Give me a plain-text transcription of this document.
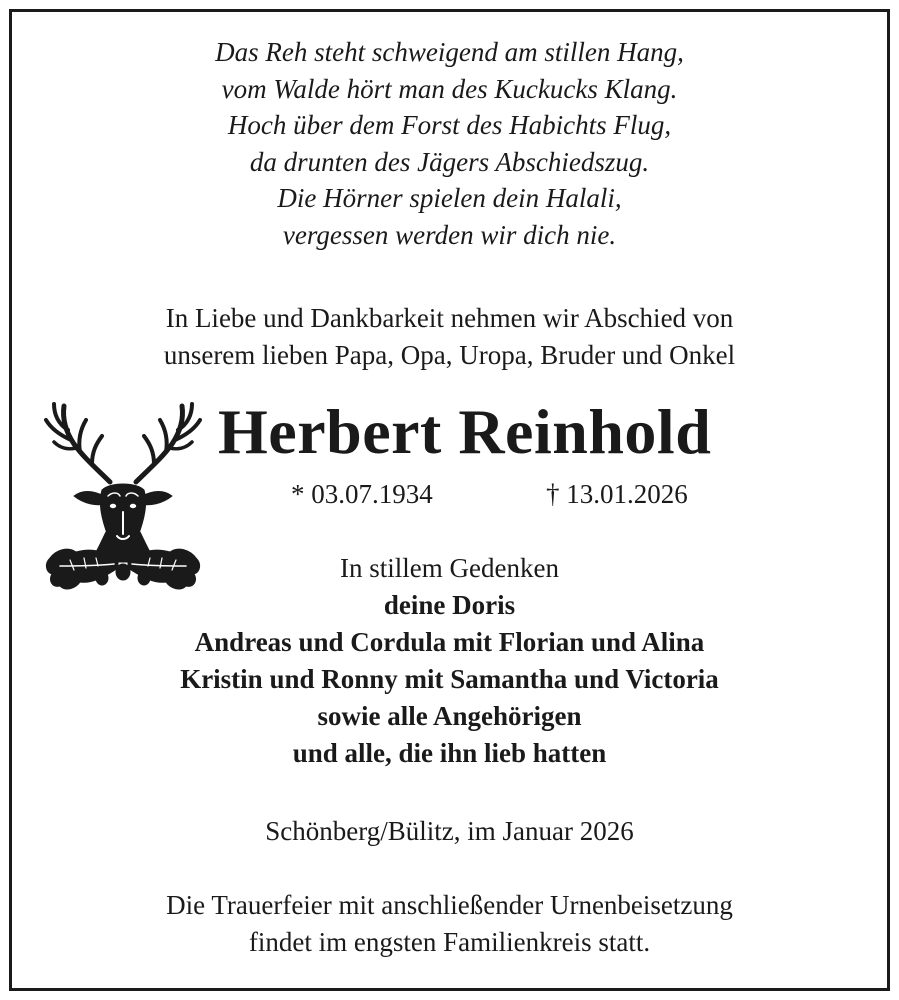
Das Reh steht schweigend am stillen Hang,
vom Walde hört man des Kuckucks Klang.
Hoch über dem Forst des Habichts Flug,
da drunten des Jägers Abschiedszug.
Die Hörner spielen dein Halali,
vergessen werden wir dich nie.
In Liebe und Dankbarkeit nehmen wir Abschied von
unserem lieben Papa, Opa, Uropa, Bruder und Onkel
Herbert Reinhold
* 03.07.1934	† 13.01.2026
In stillem Gedenken
deine Doris
Andreas und Cordula mit Florian und Alina
Kristin und Ronny mit Samantha und Victoria
sowie alle Angehörigen
und alle, die ihn lieb hatten
Schönberg/Bülitz, im Januar 2026
Die Trauerfeier mit anschließender Urnenbeisetzung
findet im engsten Familienkreis statt.
